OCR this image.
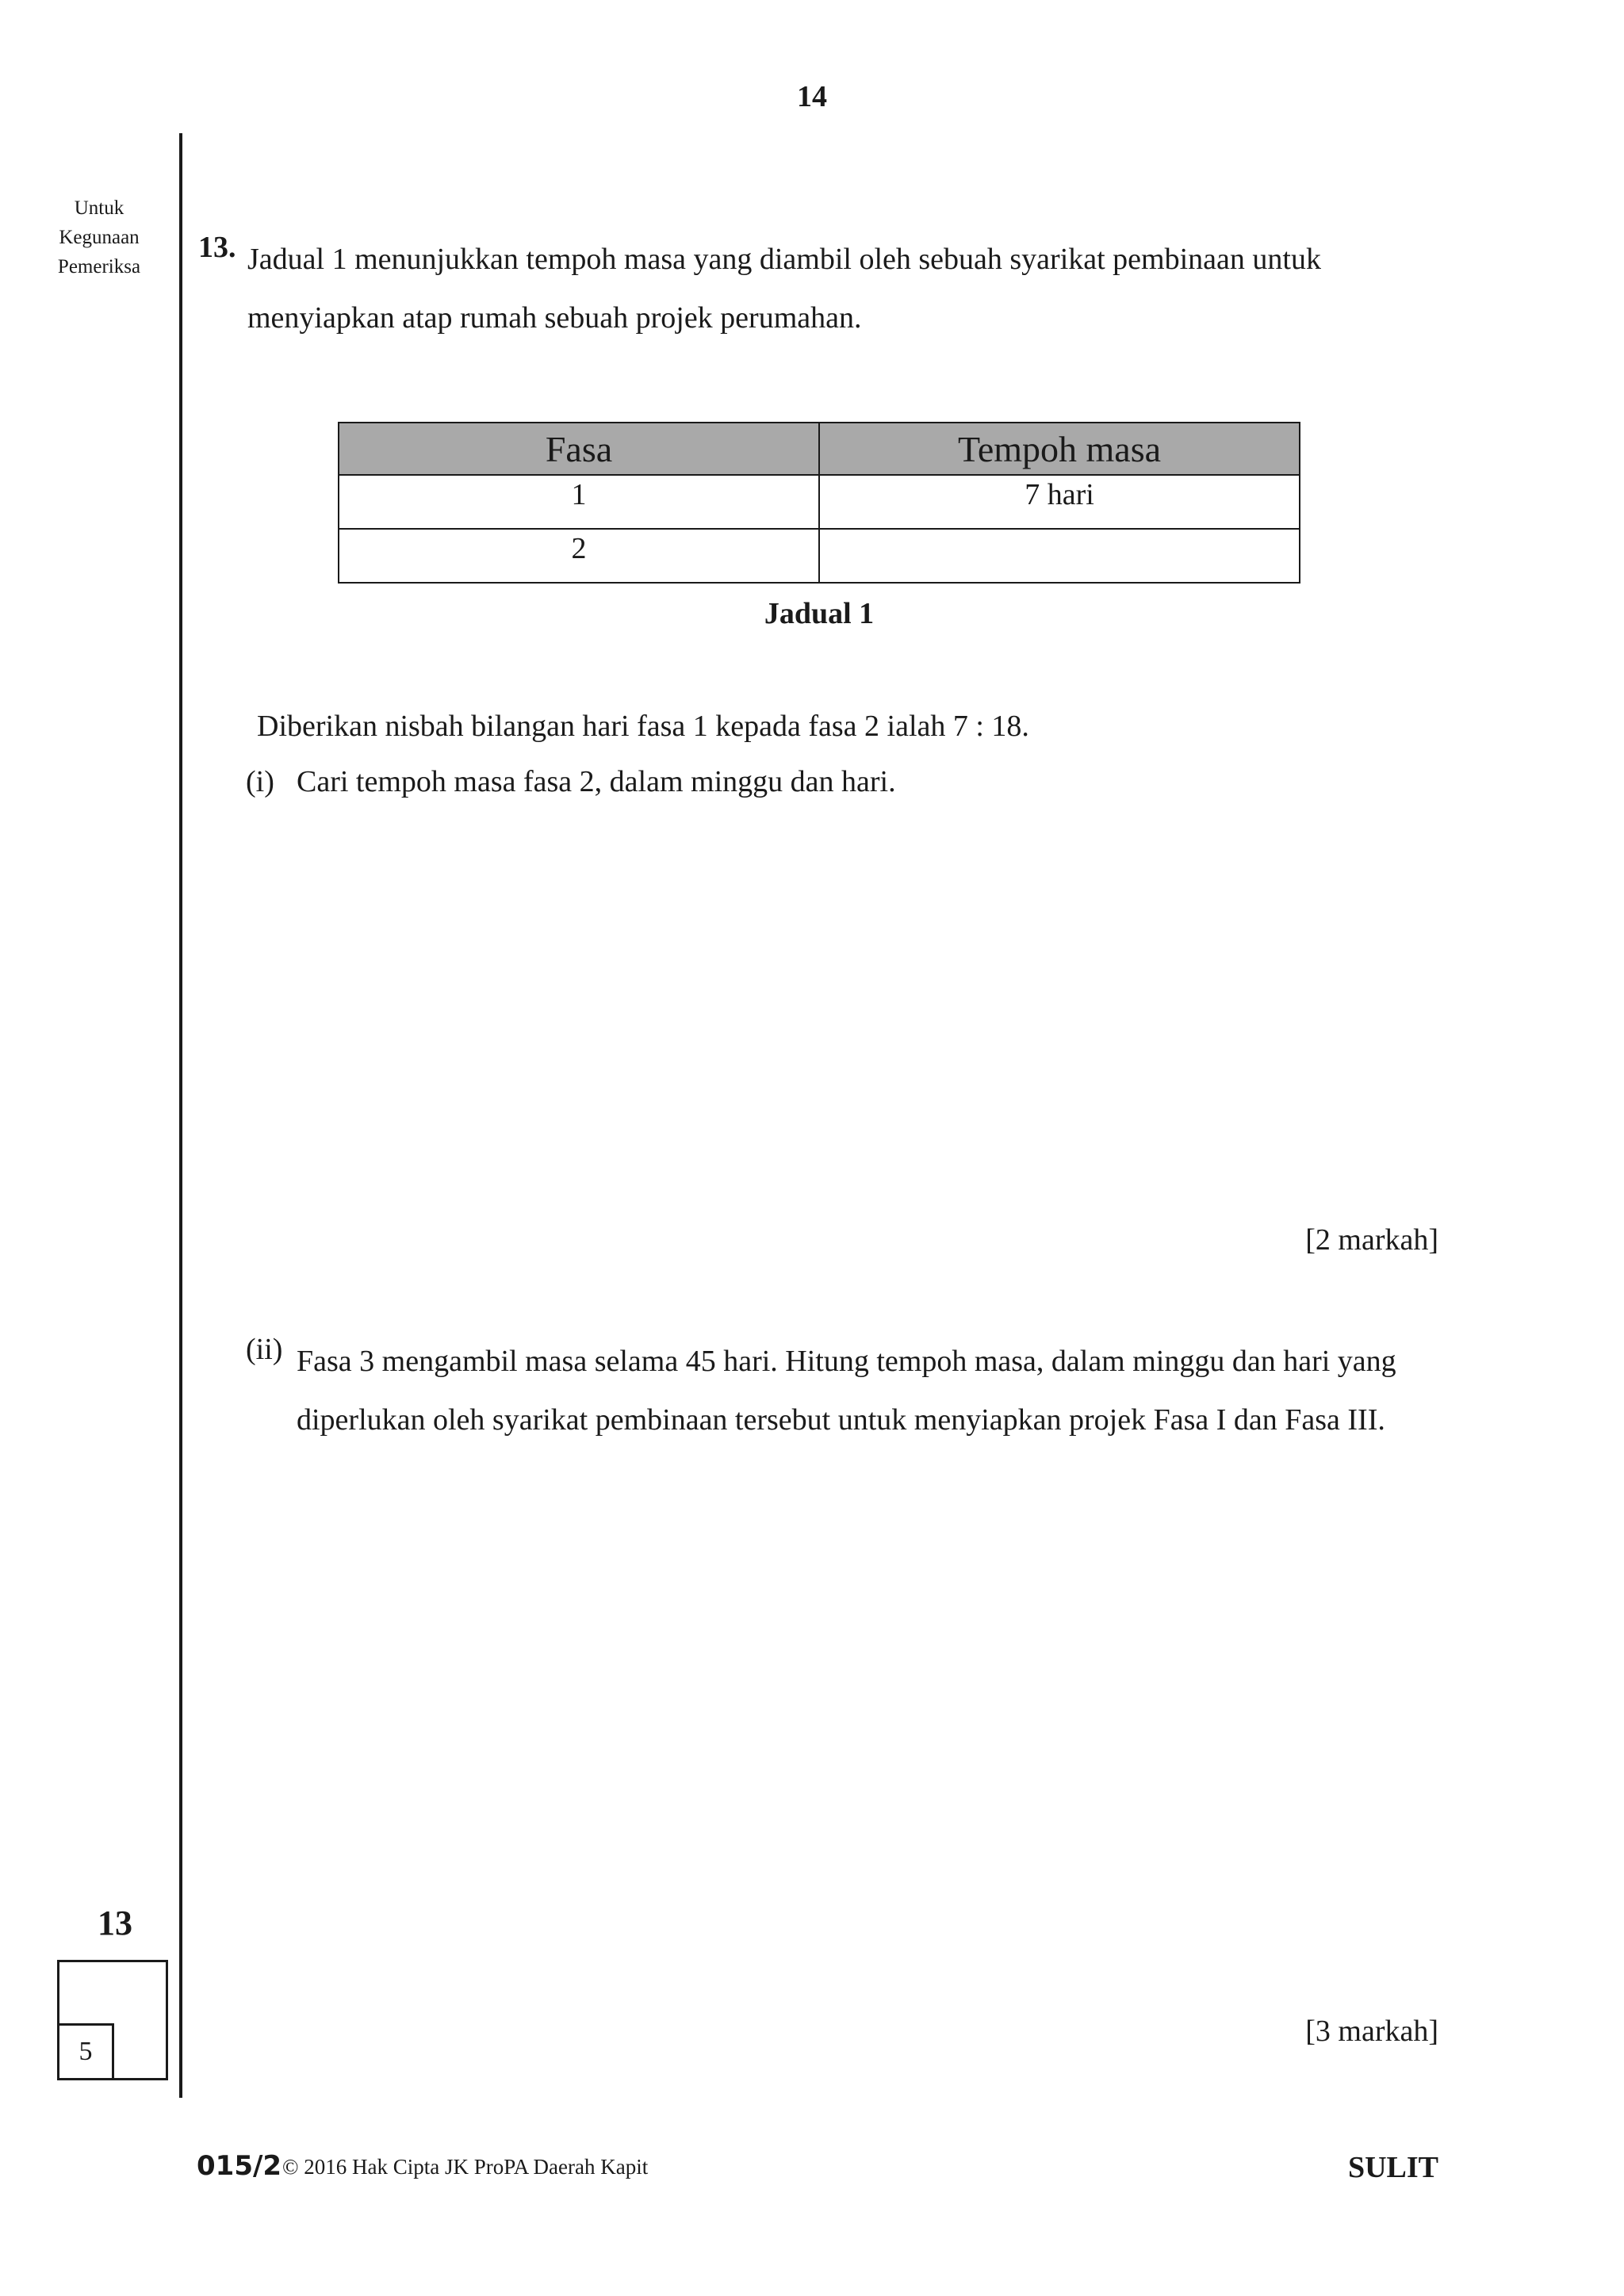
14
Untuk
Kegunaan
Pemeriksa
13. Jadual 1 menunjukkan tempoh masa yang diambil oleh sebuah syarikat pembinaan untuk menyiapkan atap rumah sebuah projek perumahan.
Fasa	Tempoh masa
1	7 hari
2	
Jadual 1
Diberikan nisbah bilangan hari fasa 1 kepada fasa 2 ialah 7 : 18.
(i) Cari tempoh masa fasa 2, dalam minggu dan hari.
[2 markah]
(ii) Fasa 3 mengambil masa selama 45 hari. Hitung tempoh masa, dalam minggu dan hari yang diperlukan oleh syarikat pembinaan tersebut untuk menyiapkan projek Fasa I dan Fasa III.
[3 markah]
13
5
015/2 © 2016 Hak Cipta JK ProPA Daerah Kapit	SULIT
